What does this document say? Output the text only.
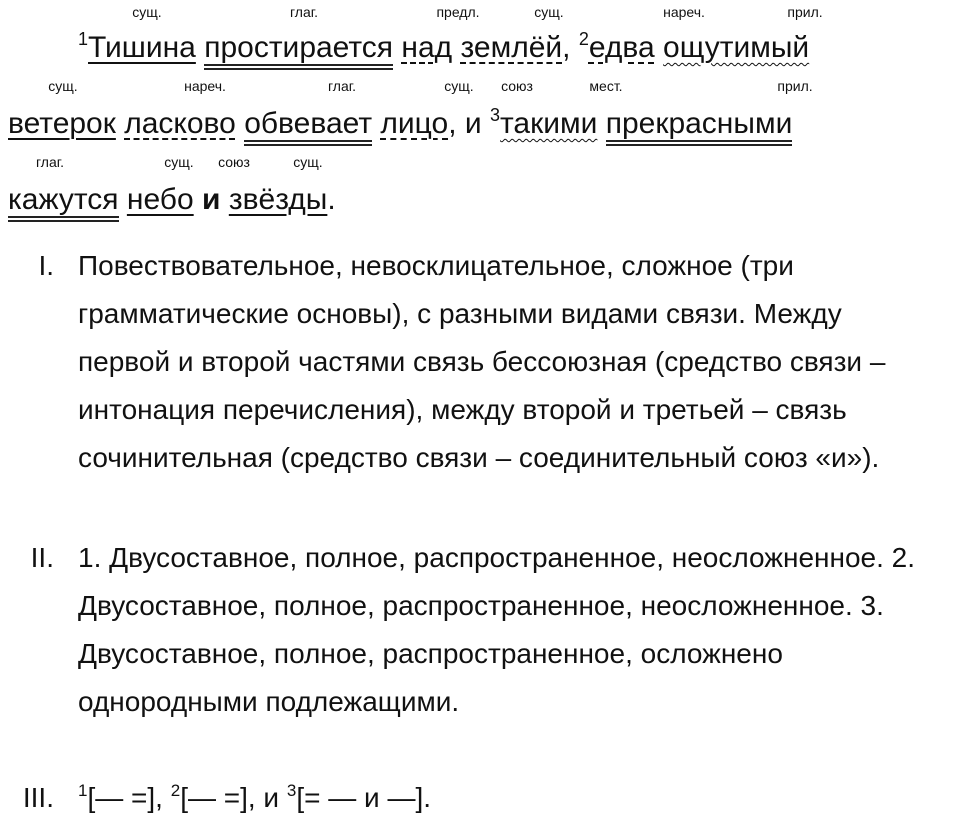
сущ.	глаг.	предл.	сущ.	нареч.	прил.
$^1$Тишина простирается над землёй, $^2$едва ощутимый
сущ.	нареч.	глаг.	сущ. союз	мест.	прил.
ветерок ласково обвевает лицо, и $^3$такими прекрасными
глаг.	сущ. союз	сущ.
кажутся небо и звёзды.
I. Повествовательное, невосклицательное, сложное (три грамматические основы), с разными видами связи. Между первой и второй частями связь бессоюзная (средство связи – интонация перечисления), между второй и третьей – связь сочинительная (средство связи – соединительный союз «и»).
II. 1. Двусоставное, полное, распространенное, неосложненное. 2. Двусоставное, полное, распространенное, неосложненное. 3. Двусоставное, полное, распространенное, осложнено однородными подлежащими.
III. $^1$[— =], $^2$[— =], и $^3$[= — и —].
